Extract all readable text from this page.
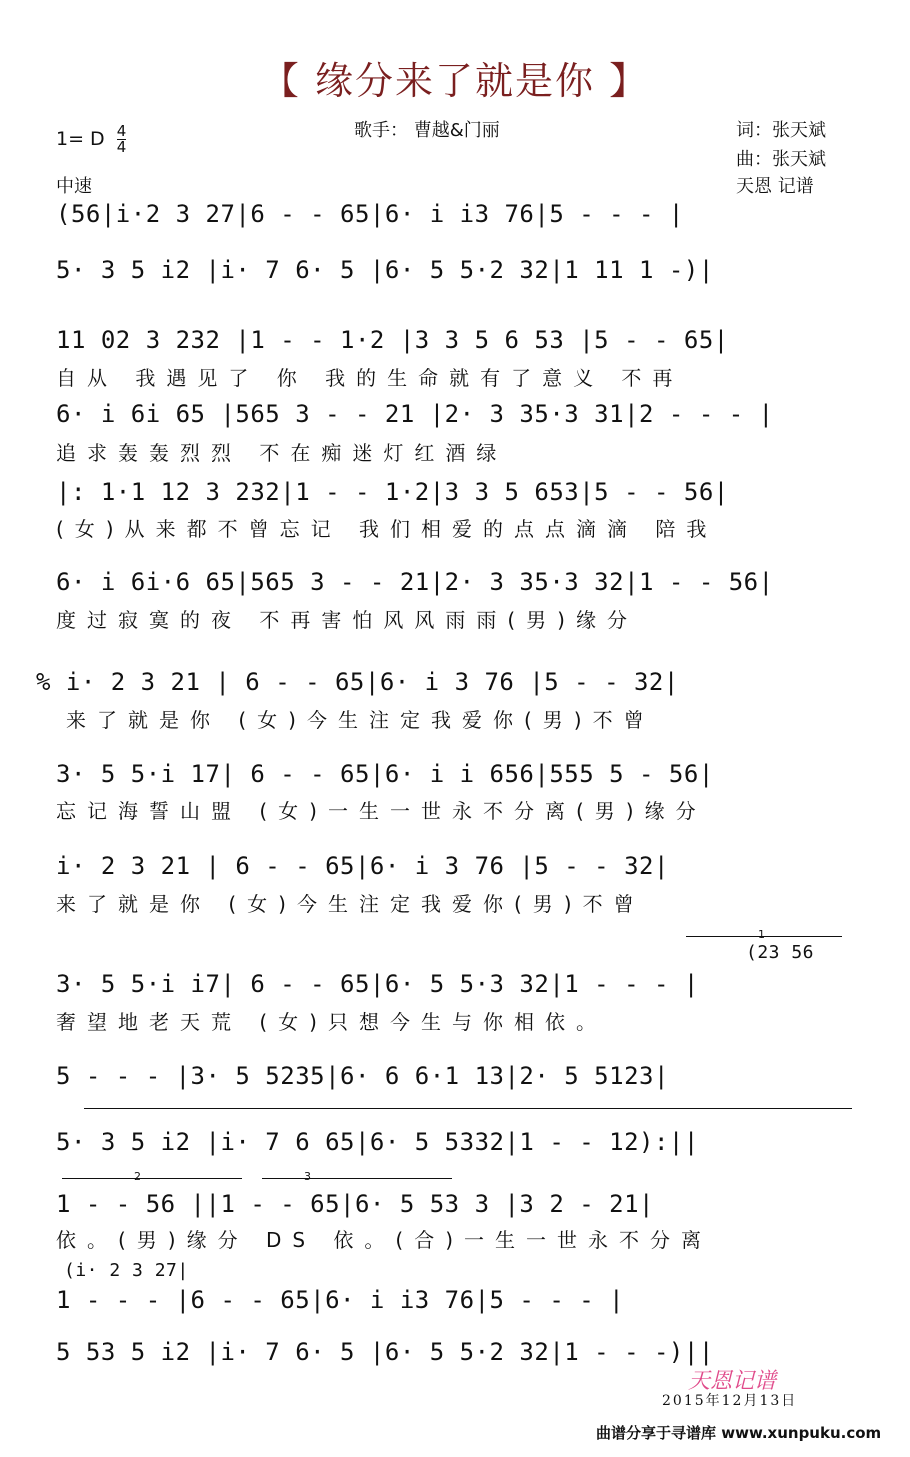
【 缘分来了就是你 】
1= D $\frac{4}{4}$	歌手： 曹越&门丽	词：张天斌
曲：张天斌
中速	天恩 记谱
(56|i·2 3 27|6 - - 65|6· i i3 76|5 - - - |
5· 3 5 i2 |i· 7 6· 5 |6· 5 5·2 32|1 11 1 -)|
11 02 3 232 |1 - - 1·2 |3 3 5 6 53 |5 - - 65|
自从 我遇见了 你 我的生命就有了意义 不再
6· i 6i 65 |565 3 - - 21 |2· 3 35·3 31|2 - - - |
追求轰轰烈烈 不在痴迷灯红酒绿
|: 1·1 12 3 232|1 - - 1·2|3 3 5 653|5 - - 56|
(女)从来都不曾忘记 我们相爱的点点滴滴 陪我
6· i 6i·6 65|565 3 - - 21|2· 3 35·3 32|1 - - 56|
度过寂寞的夜 不再害怕风风雨雨(男)缘分
% i· 2 3 21 | 6 - - 65|6· i 3 76 |5 - - 32|
来了就是你 (女)今生注定我爱你(男)不曾
3· 5 5·i 17| 6 - - 65|6· i i 656|555 5 - 56|
忘记海誓山盟 (女)一生一世永不分离(男)缘分
i· 2 3 21 | 6 - - 65|6· i 3 76 |5 - - 32|
来了就是你 (女)今生注定我爱你(男)不曾
1
(23 56
3· 5 5·i i7| 6 - - 65|6· 5 5·3 32|1 - - - |
奢望地老天荒 (女)只想今生与你相依。
5 - - - |3· 5 5235|6· 6 6·1 13|2· 5 5123|
5· 3 5 i2 |i· 7 6 65|6· 5 5332|1 - - 12):||
2	3
1 - - 56 ||1 - - 65|6· 5 53 3 |3 2 - 21|
依。(男)缘分 DS 依。(合)一生一世永不分离
(i· 2 3 27|
1 - - - |6 - - 65|6· i i3 76|5 - - - |
5 53 5 i2 |i· 7 6· 5 |6· 5 5·2 32|1 - - -)||
天恩记谱
2015年12月13日
曲谱分享于寻谱库 www.xunpuku.com
